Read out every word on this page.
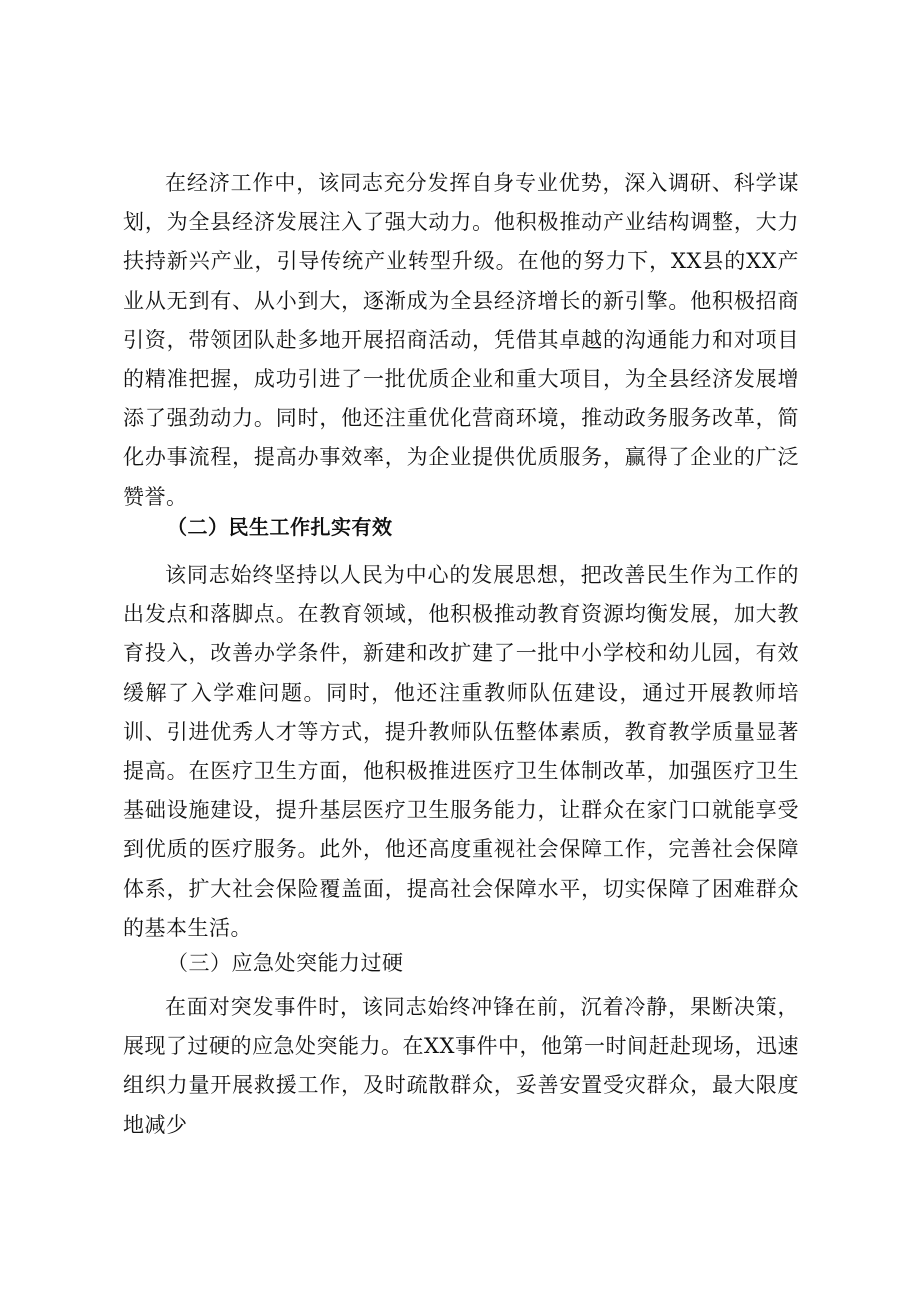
在经济工作中，该同志充分发挥自身专业优势，深入调研、科学谋划，为全县经济发展注入了强大动力。他积极推动产业结构调整，大力扶持新兴产业，引导传统产业转型升级。在他的努力下，XX县的XX产业从无到有、从小到大，逐渐成为全县经济增长的新引擎。他积极招商引资，带领团队赴多地开展招商活动，凭借其卓越的沟通能力和对项目的精准把握，成功引进了一批优质企业和重大项目，为全县经济发展增添了强劲动力。同时，他还注重优化营商环境，推动政务服务改革，简化办事流程，提高办事效率，为企业提供优质服务，赢得了企业的广泛赞誉。

（二）民生工作扎实有效

该同志始终坚持以人民为中心的发展思想，把改善民生作为工作的出发点和落脚点。在教育领域，他积极推动教育资源均衡发展，加大教育投入，改善办学条件，新建和改扩建了一批中小学校和幼儿园，有效缓解了入学难问题。同时，他还注重教师队伍建设，通过开展教师培训、引进优秀人才等方式，提升教师队伍整体素质，教育教学质量显著提高。在医疗卫生方面，他积极推进医疗卫生体制改革，加强医疗卫生基础设施建设，提升基层医疗卫生服务能力，让群众在家门口就能享受到优质的医疗服务。此外，他还高度重视社会保障工作，完善社会保障体系，扩大社会保险覆盖面，提高社会保障水平，切实保障了困难群众的基本生活。

（三）应急处突能力过硬

在面对突发事件时，该同志始终冲锋在前，沉着冷静，果断决策，展现了过硬的应急处突能力。在XX事件中，他第一时间赶赴现场，迅速组织力量开展救援工作，及时疏散群众，妥善安置受灾群众，最大限度地减少
